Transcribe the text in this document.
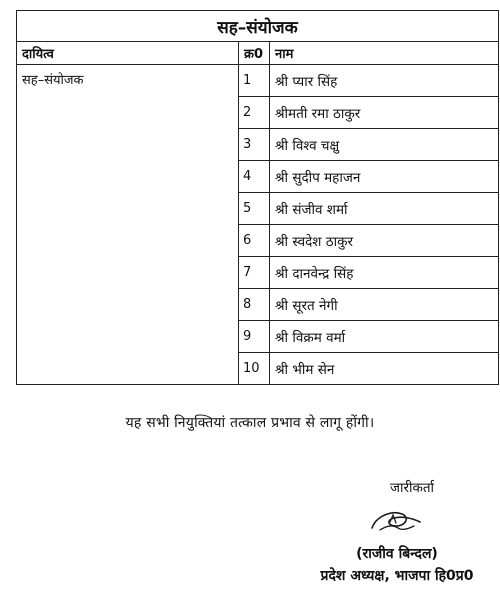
सह–संयोजक		
दायित्व	क्र0	नाम
सह–संयोजक	1	श्री प्यार सिंह
	2	श्रीमती रमा ठाकुर
	3	श्री विश्व चक्षु
	4	श्री सुदीप महाजन
	5	श्री संजीव शर्मा
	6	श्री स्वदेश ठाकुर
	7	श्री दानवेन्द्र सिंह
	8	श्री सूरत नेगी
	9	श्री विक्रम वर्मा
	10	श्री भीम सेन
यह सभी नियुक्तियां तत्काल प्रभाव से लागू होंगी।
जारीकर्ता
(राजीव बिन्दल)
प्रदेश अध्यक्ष, भाजपा हि0प्र0
